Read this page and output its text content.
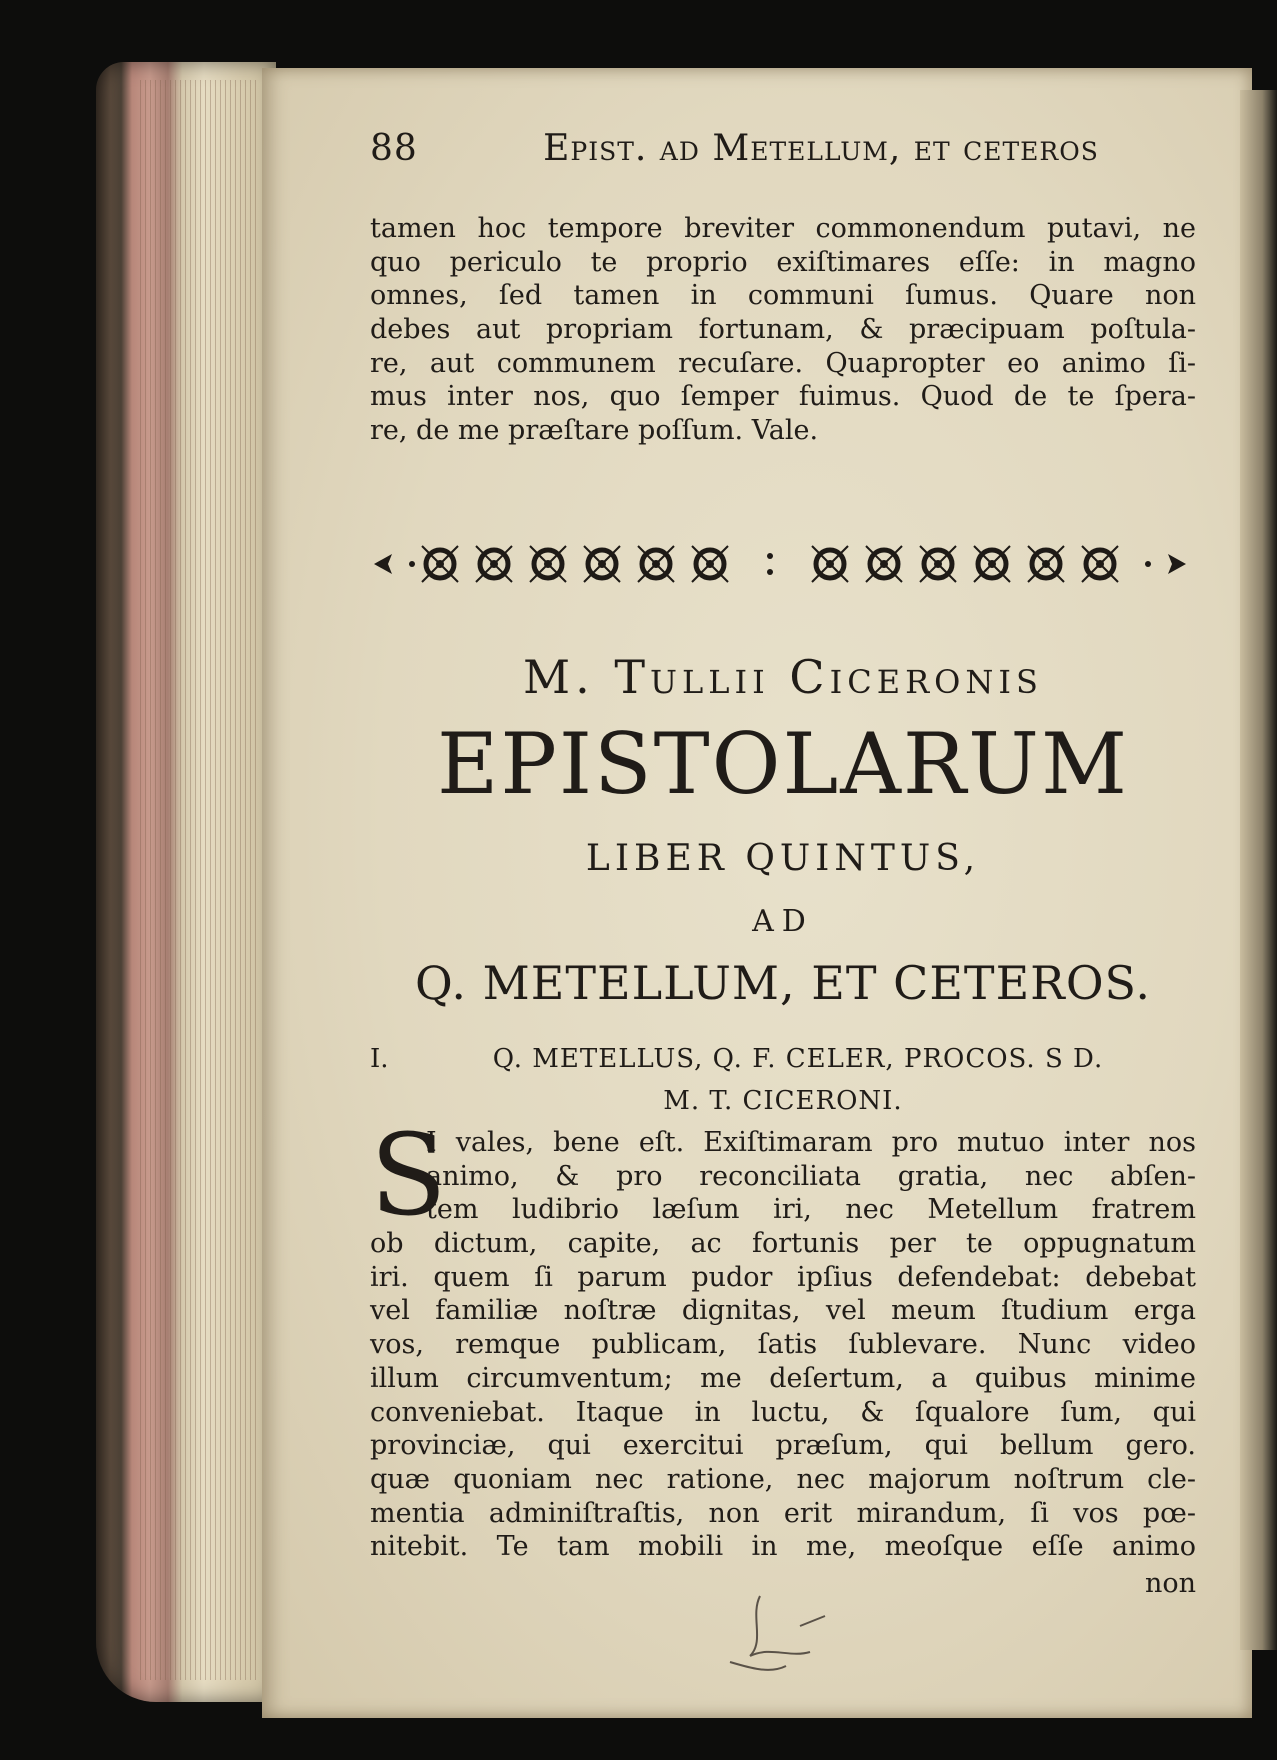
88	Epist. ad Metellum, et ceteros
tamen hoc tempore breviter commonendum putavi, ne
quo periculo te proprio exiſtimares eſſe: in magno
omnes, ſed tamen in communi ſumus. Quare non
debes aut propriam fortunam, & præcipuam poſtula-
re, aut communem recuſare. Quapropter eo animo ſi-
mus inter nos, quo ſemper fuimus. Quod de te ſpera-
re, de me præſtare poſſum. Vale.
M. Tullii Ciceronis
EPISTOLARUM
LIBER QUINTUS,
AD
Q. METELLUM, ET CETEROS.
I.	Q. METELLUS, Q. F. CELER, PROCOS. S D.
M. T. CICERONI.
S
I vales, bene eſt. Exiſtimaram pro mutuo inter nos
animo, & pro reconciliata gratia, nec abſen-
tem ludibrio læſum iri, nec Metellum fratrem
ob dictum, capite, ac fortunis per te oppugnatum
iri. quem ſi parum pudor ipſius defendebat: debebat
vel familiæ noſtræ dignitas, vel meum ſtudium erga
vos, remque publicam, ſatis ſublevare. Nunc video
illum circumventum; me deſertum, a quibus minime
conveniebat. Itaque in luctu, & ſqualore ſum, qui
provinciæ, qui exercitui præſum, qui bellum gero.
quæ quoniam nec ratione, nec majorum noſtrum cle-
mentia adminiſtraſtis, non erit mirandum, ſi vos pœ-
nitebit. Te tam mobili in me, meoſque eſſe animo
non
